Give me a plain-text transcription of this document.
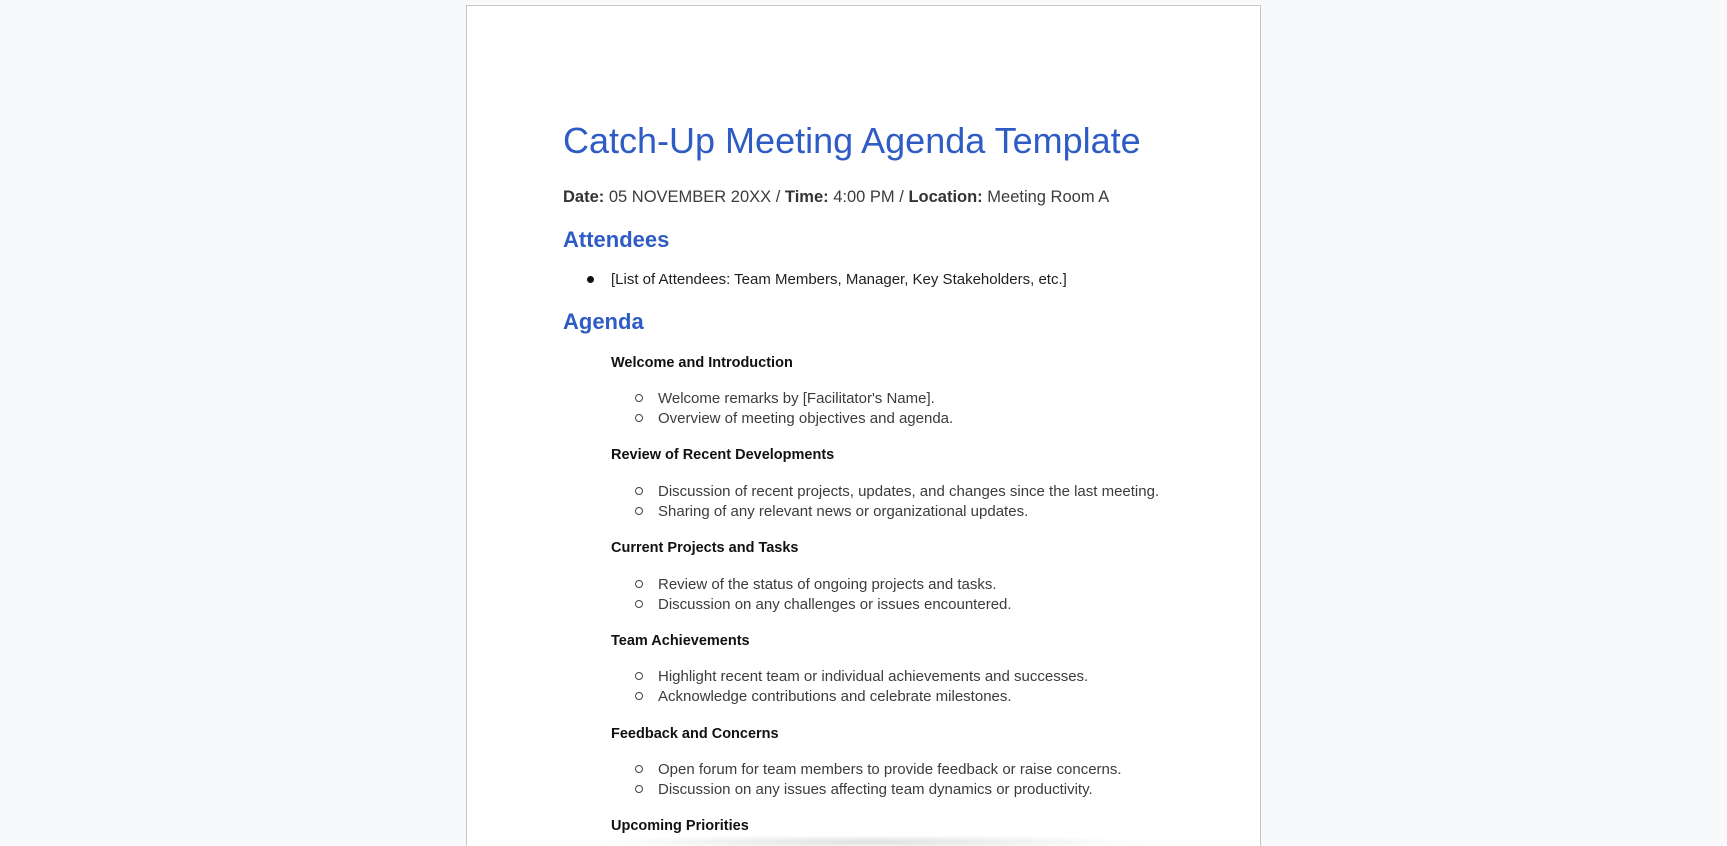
Catch-Up Meeting Agenda Template
Date: 05 NOVEMBER 20XX / Time: 4:00 PM / Location: Meeting Room A
Attendees
[List of Attendees: Team Members, Manager, Key Stakeholders, etc.]
Agenda
Welcome and Introduction
Welcome remarks by [Facilitator's Name].
Overview of meeting objectives and agenda.
Review of Recent Developments
Discussion of recent projects, updates, and changes since the last meeting.
Sharing of any relevant news or organizational updates.
Current Projects and Tasks
Review of the status of ongoing projects and tasks.
Discussion on any challenges or issues encountered.
Team Achievements
Highlight recent team or individual achievements and successes.
Acknowledge contributions and celebrate milestones.
Feedback and Concerns
Open forum for team members to provide feedback or raise concerns.
Discussion on any issues affecting team dynamics or productivity.
Upcoming Priorities
